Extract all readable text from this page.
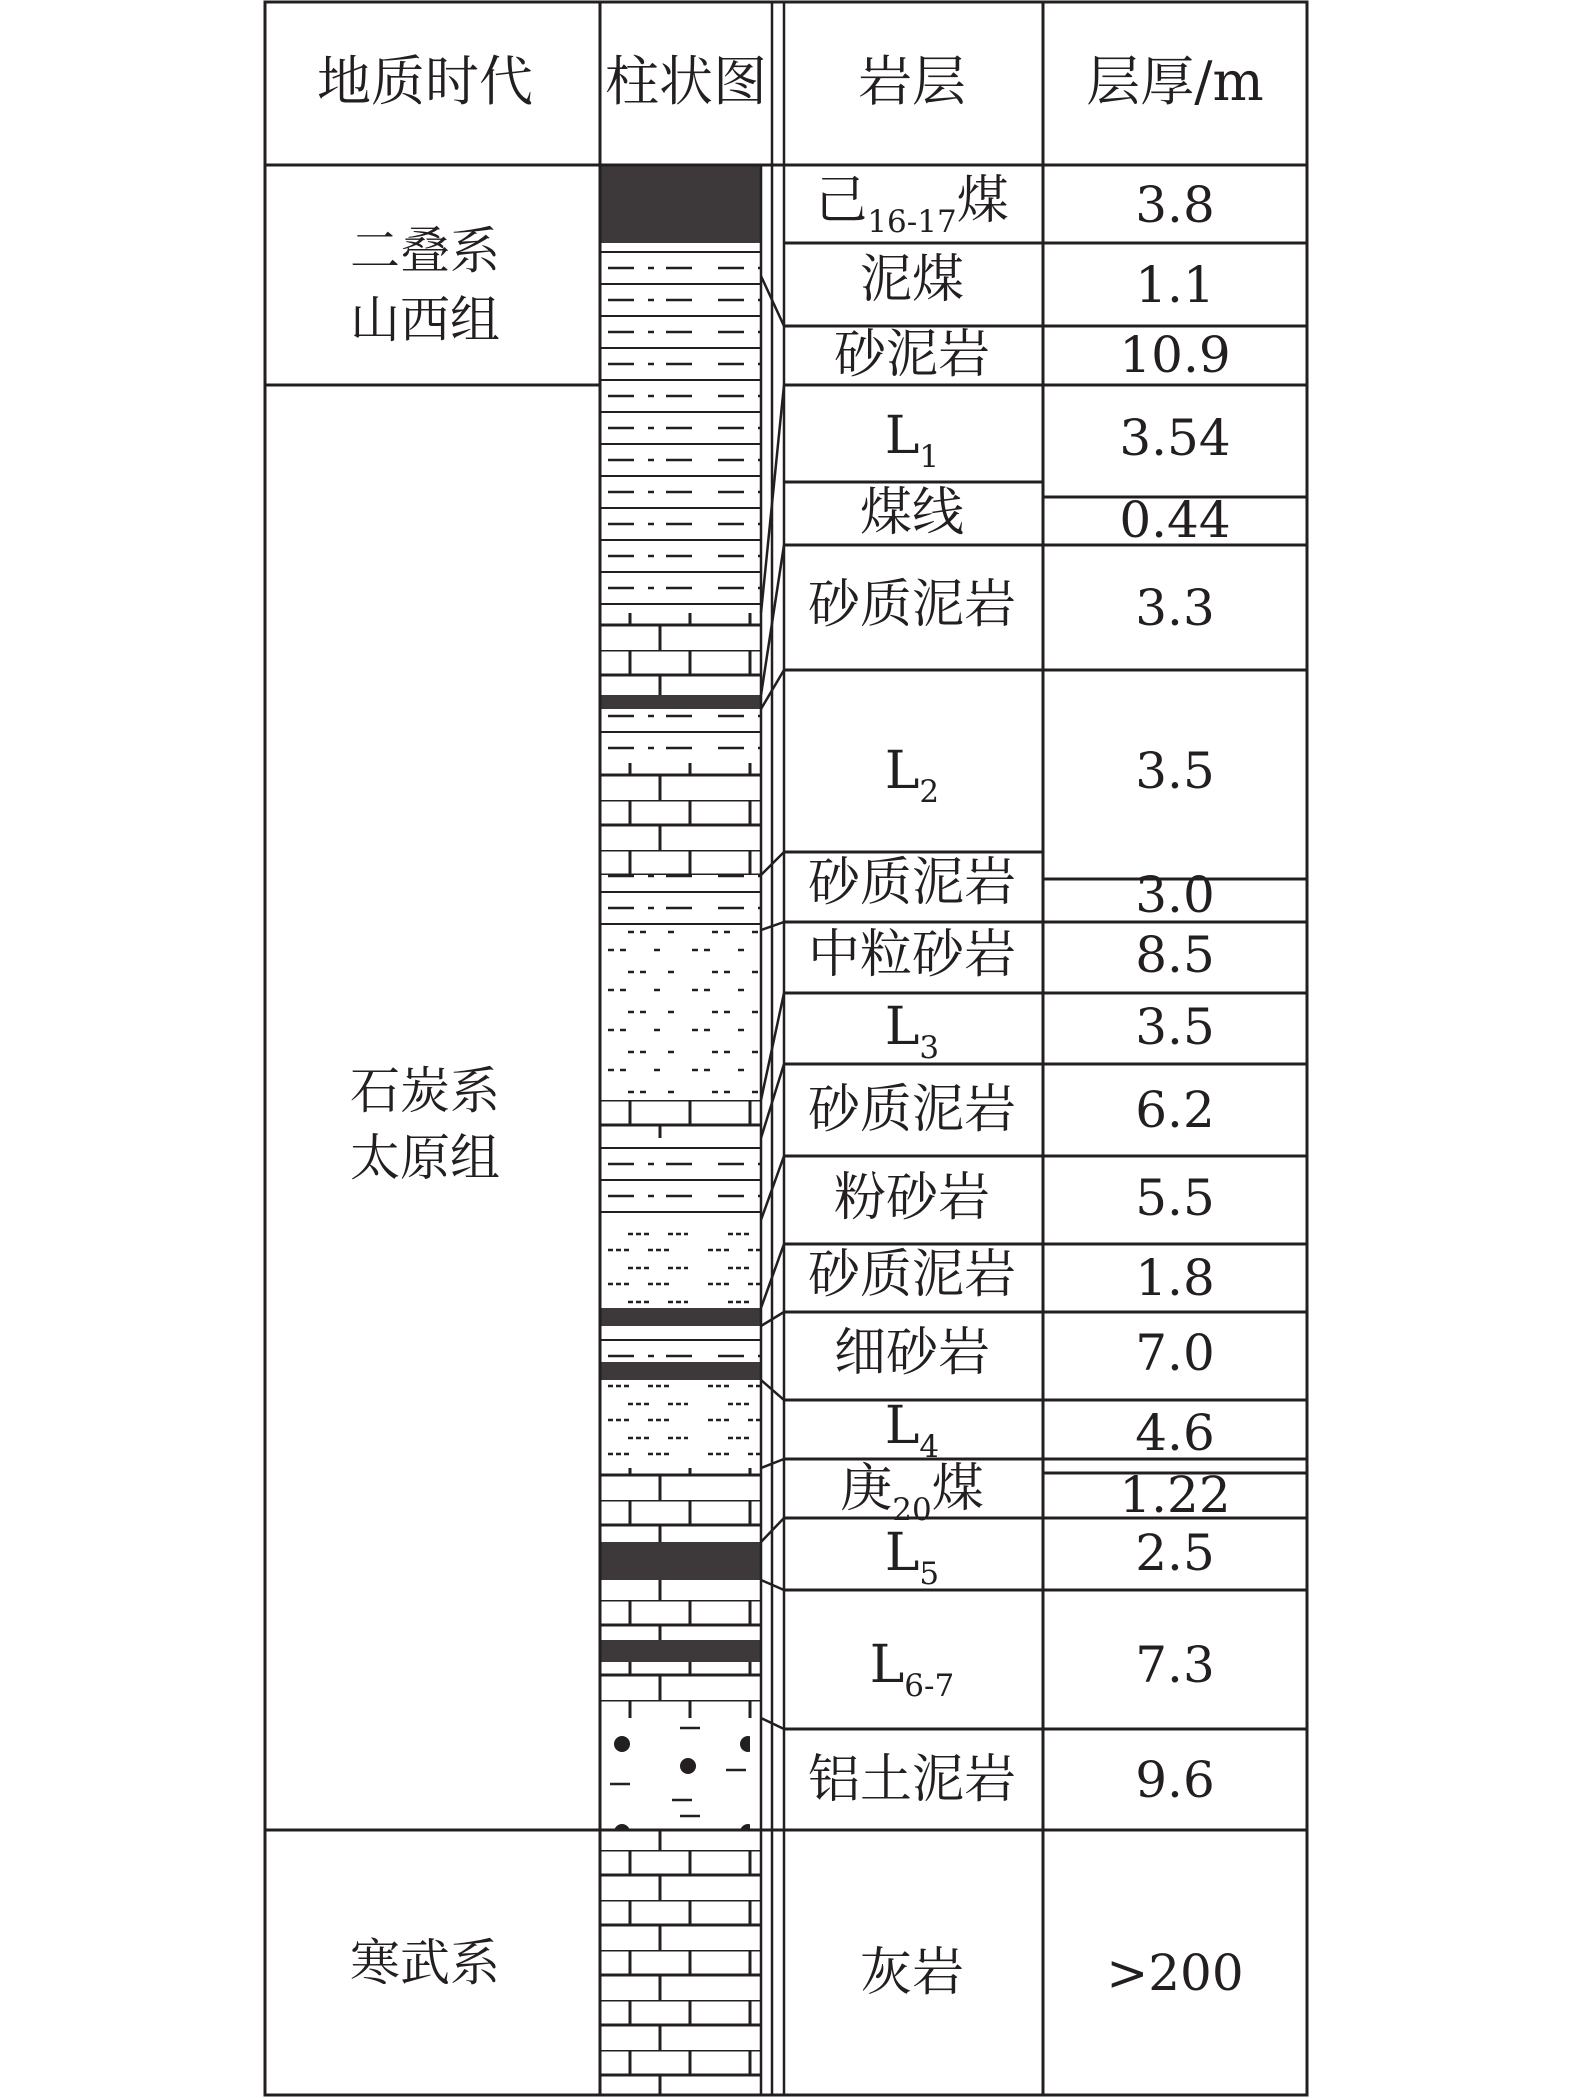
地质时代 柱状图 岩层 层厚/m
二叠系
山西组
石炭系
太原组
寒武系
己$_{16-17}$煤
泥煤
砂泥岩
$L_1$
煤线
砂质泥岩
$L_2$
砂质泥岩
中粒砂岩
$L_3$
砂质泥岩
粉砂岩
砂质泥岩
细砂岩
$L_4$
庚$_{20}$煤
$L_5$
$L_{6-7}$
铝土泥岩
灰岩
3.8
1.1
10.9
3.54
0.44
3.3
3.5
3.0
8.5
3.5
6.2
5.5
1.8
7.0
4.6
1.22
2.5
7.3
9.6
>200
